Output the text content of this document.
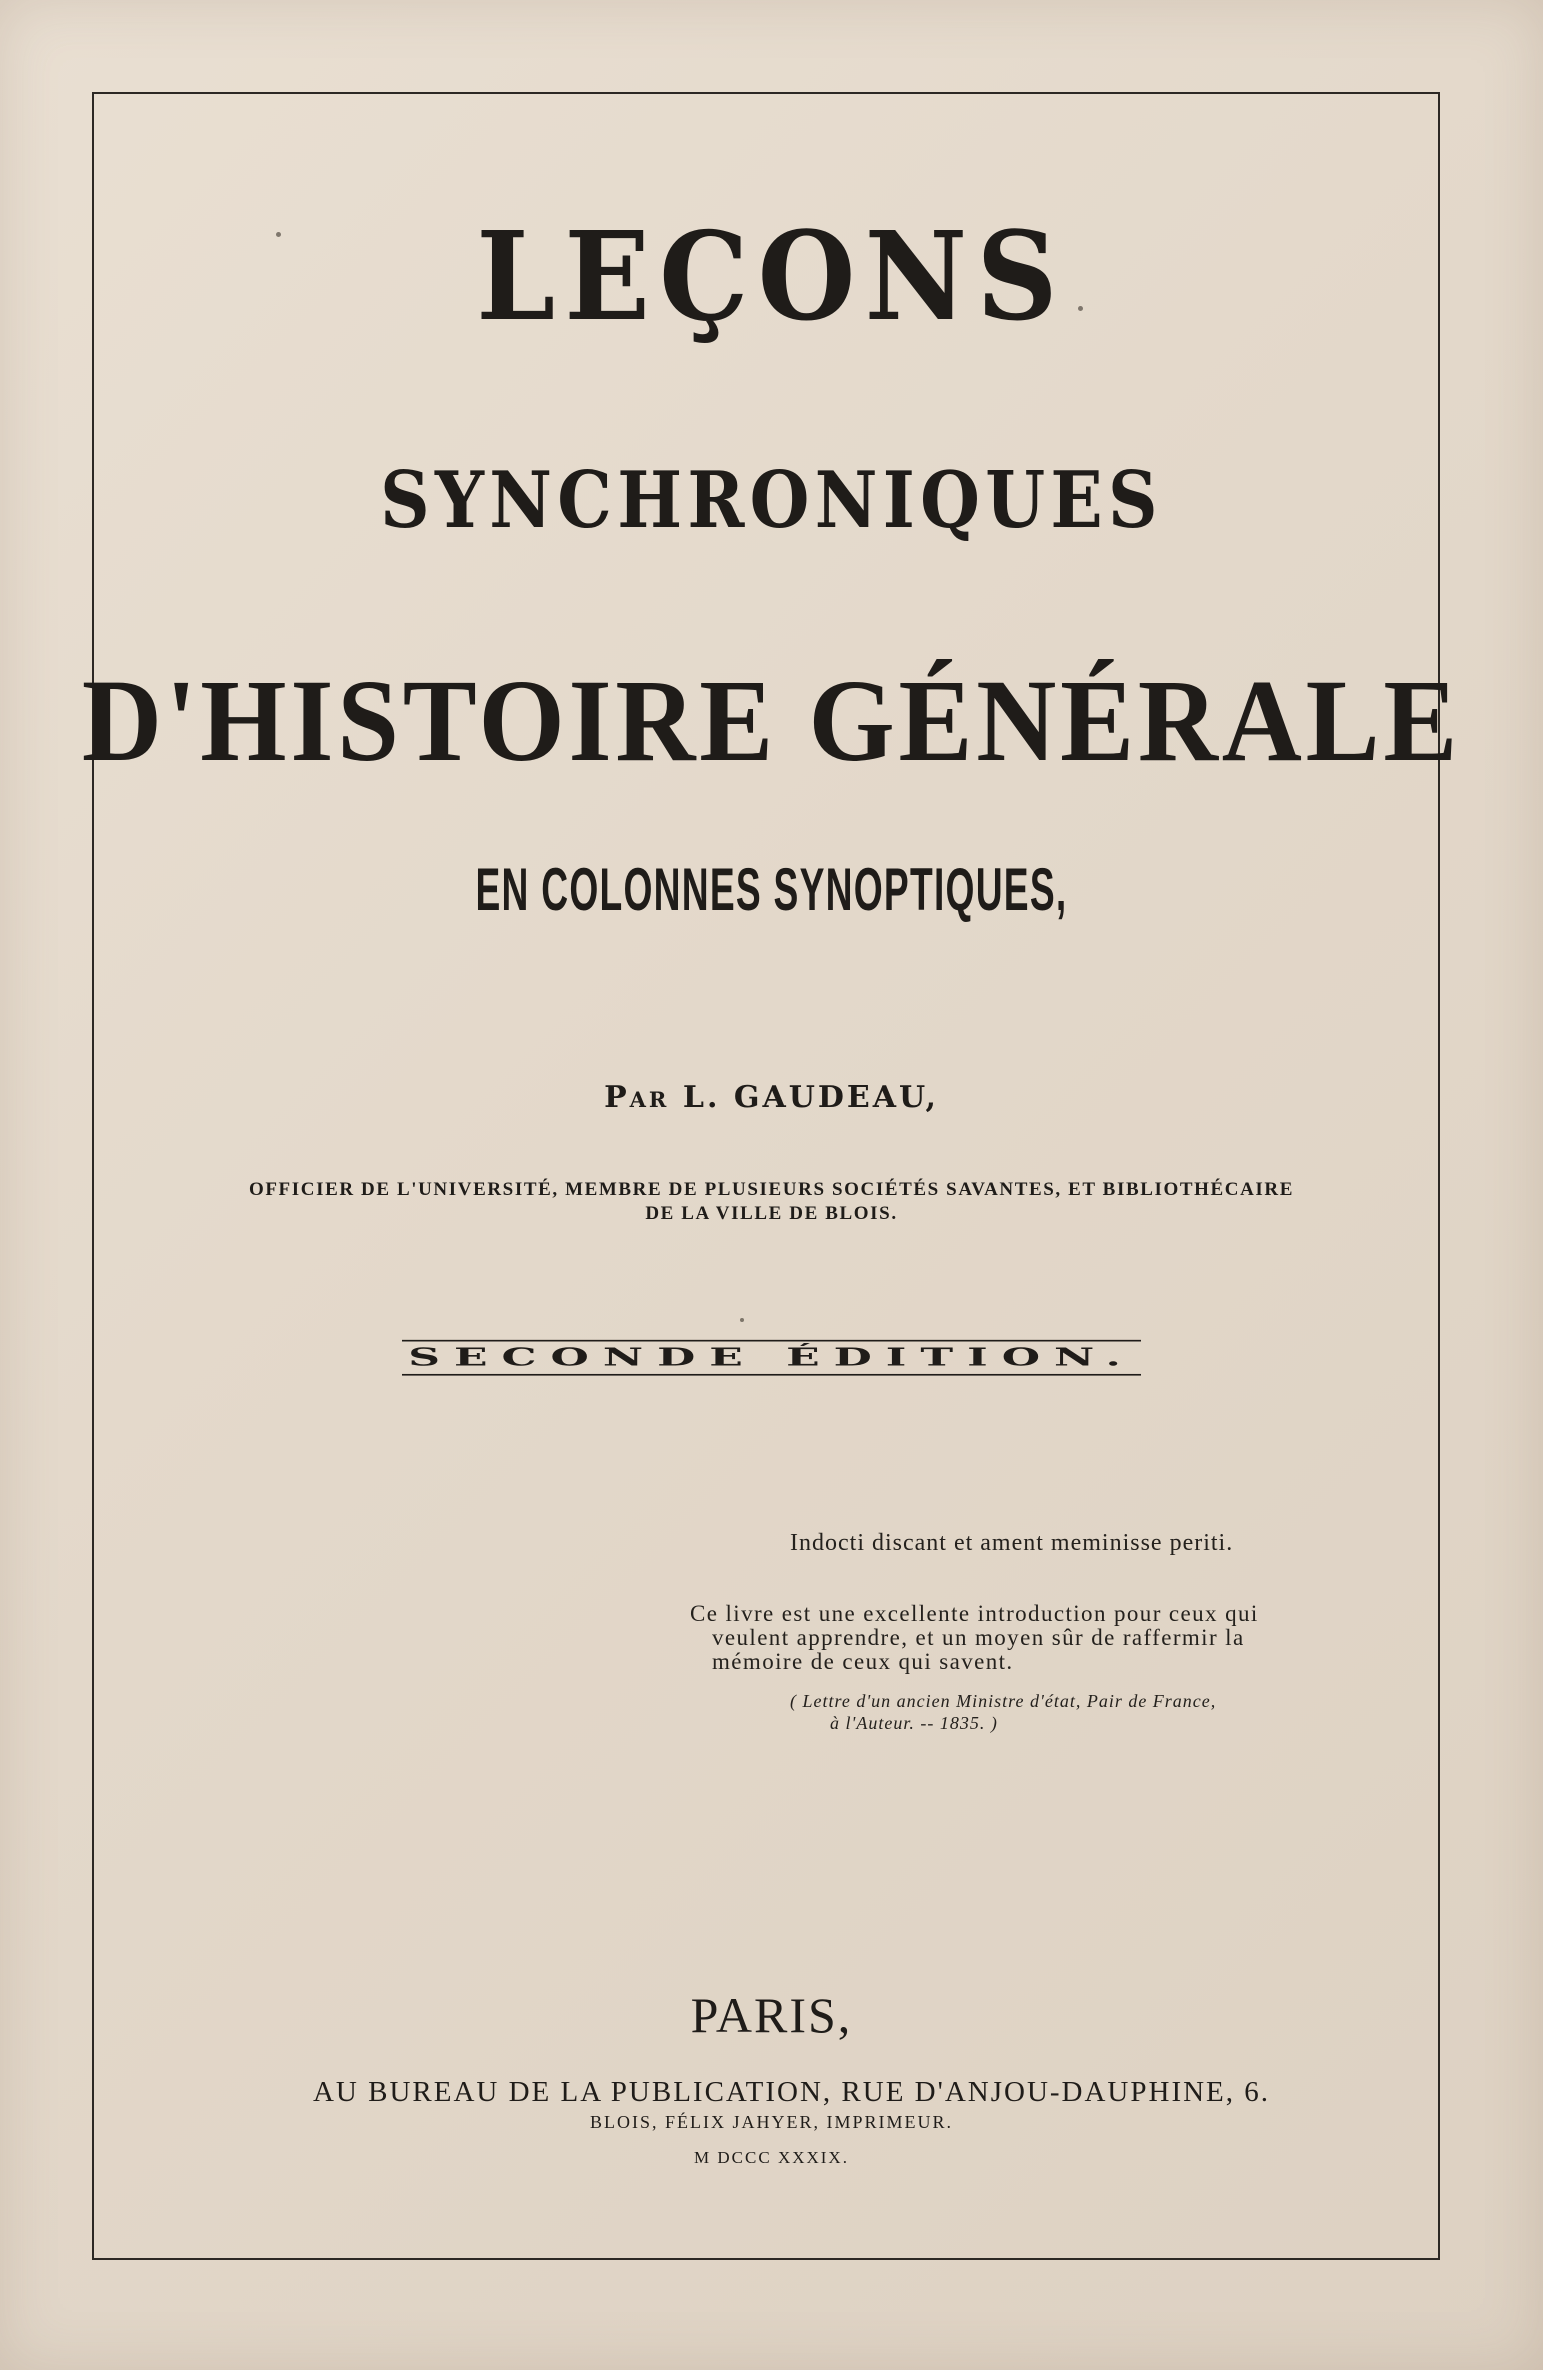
LEÇONS
SYNCHRONIQUES
D'HISTOIRE GÉNÉRALE
EN COLONNES SYNOPTIQUES,
Par L. GAUDEAU,
OFFICIER DE L'UNIVERSITÉ, MEMBRE DE PLUSIEURS SOCIÉTÉS SAVANTES, ET BIBLIOTHÉCAIRE
DE LA VILLE DE BLOIS.
SECONDE ÉDITION.
Indocti discant et ament meminisse periti.
Ce livre est une excellente introduction pour ceux qui
veulent apprendre, et un moyen sûr de raffermir la
mémoire de ceux qui savent.
( Lettre d'un ancien Ministre d'état, Pair de France,
à l'Auteur. -- 1835. )
PARIS,
AU BUREAU DE LA PUBLICATION, RUE D'ANJOU-DAUPHINE, 6.
BLOIS, FÉLIX JAHYER, IMPRIMEUR.
M DCCC XXXIX.
